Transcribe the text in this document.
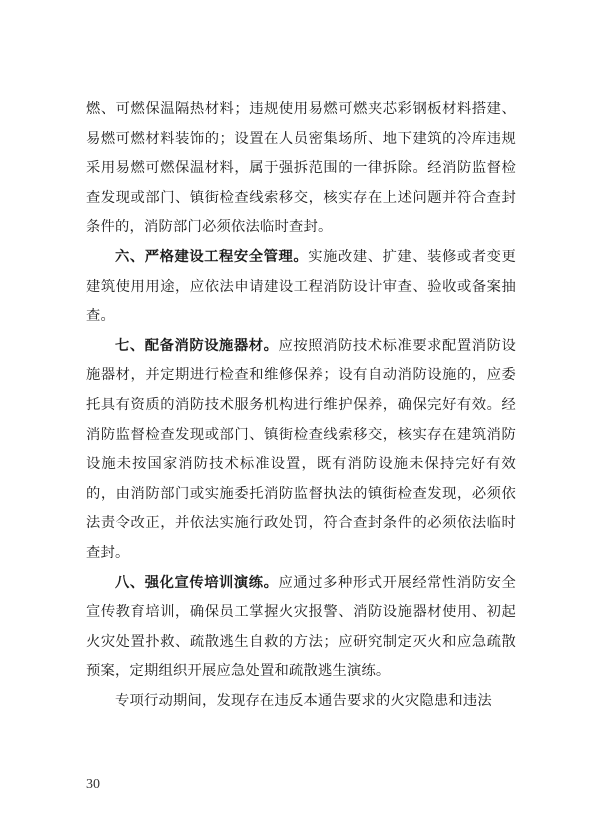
燃、可燃保温隔热材料；违规使用易燃可燃夹芯彩钢板材料搭建、易燃可燃材料装饰的；设置在人员密集场所、地下建筑的冷库违规采用易燃可燃保温材料，属于强拆范围的一律拆除。经消防监督检查发现或部门、镇街检查线索移交，核实存在上述问题并符合查封条件的，消防部门必须依法临时查封。

六、严格建设工程安全管理。实施改建、扩建、装修或者变更建筑使用用途，应依法申请建设工程消防设计审查、验收或备案抽查。

七、配备消防设施器材。应按照消防技术标准要求配置消防设施器材，并定期进行检查和维修保养；设有自动消防设施的，应委托具有资质的消防技术服务机构进行维护保养，确保完好有效。经消防监督检查发现或部门、镇街检查线索移交，核实存在建筑消防设施未按国家消防技术标准设置，既有消防设施未保持完好有效的，由消防部门或实施委托消防监督执法的镇街检查发现，必须依法责令改正，并依法实施行政处罚，符合查封条件的必须依法临时查封。

八、强化宣传培训演练。应通过多种形式开展经常性消防安全宣传教育培训，确保员工掌握火灾报警、消防设施器材使用、初起火灾处置扑救、疏散逃生自救的方法；应研究制定灭火和应急疏散预案，定期组织开展应急处置和疏散逃生演练。

专项行动期间，发现存在违反本通告要求的火灾隐患和违法

30
